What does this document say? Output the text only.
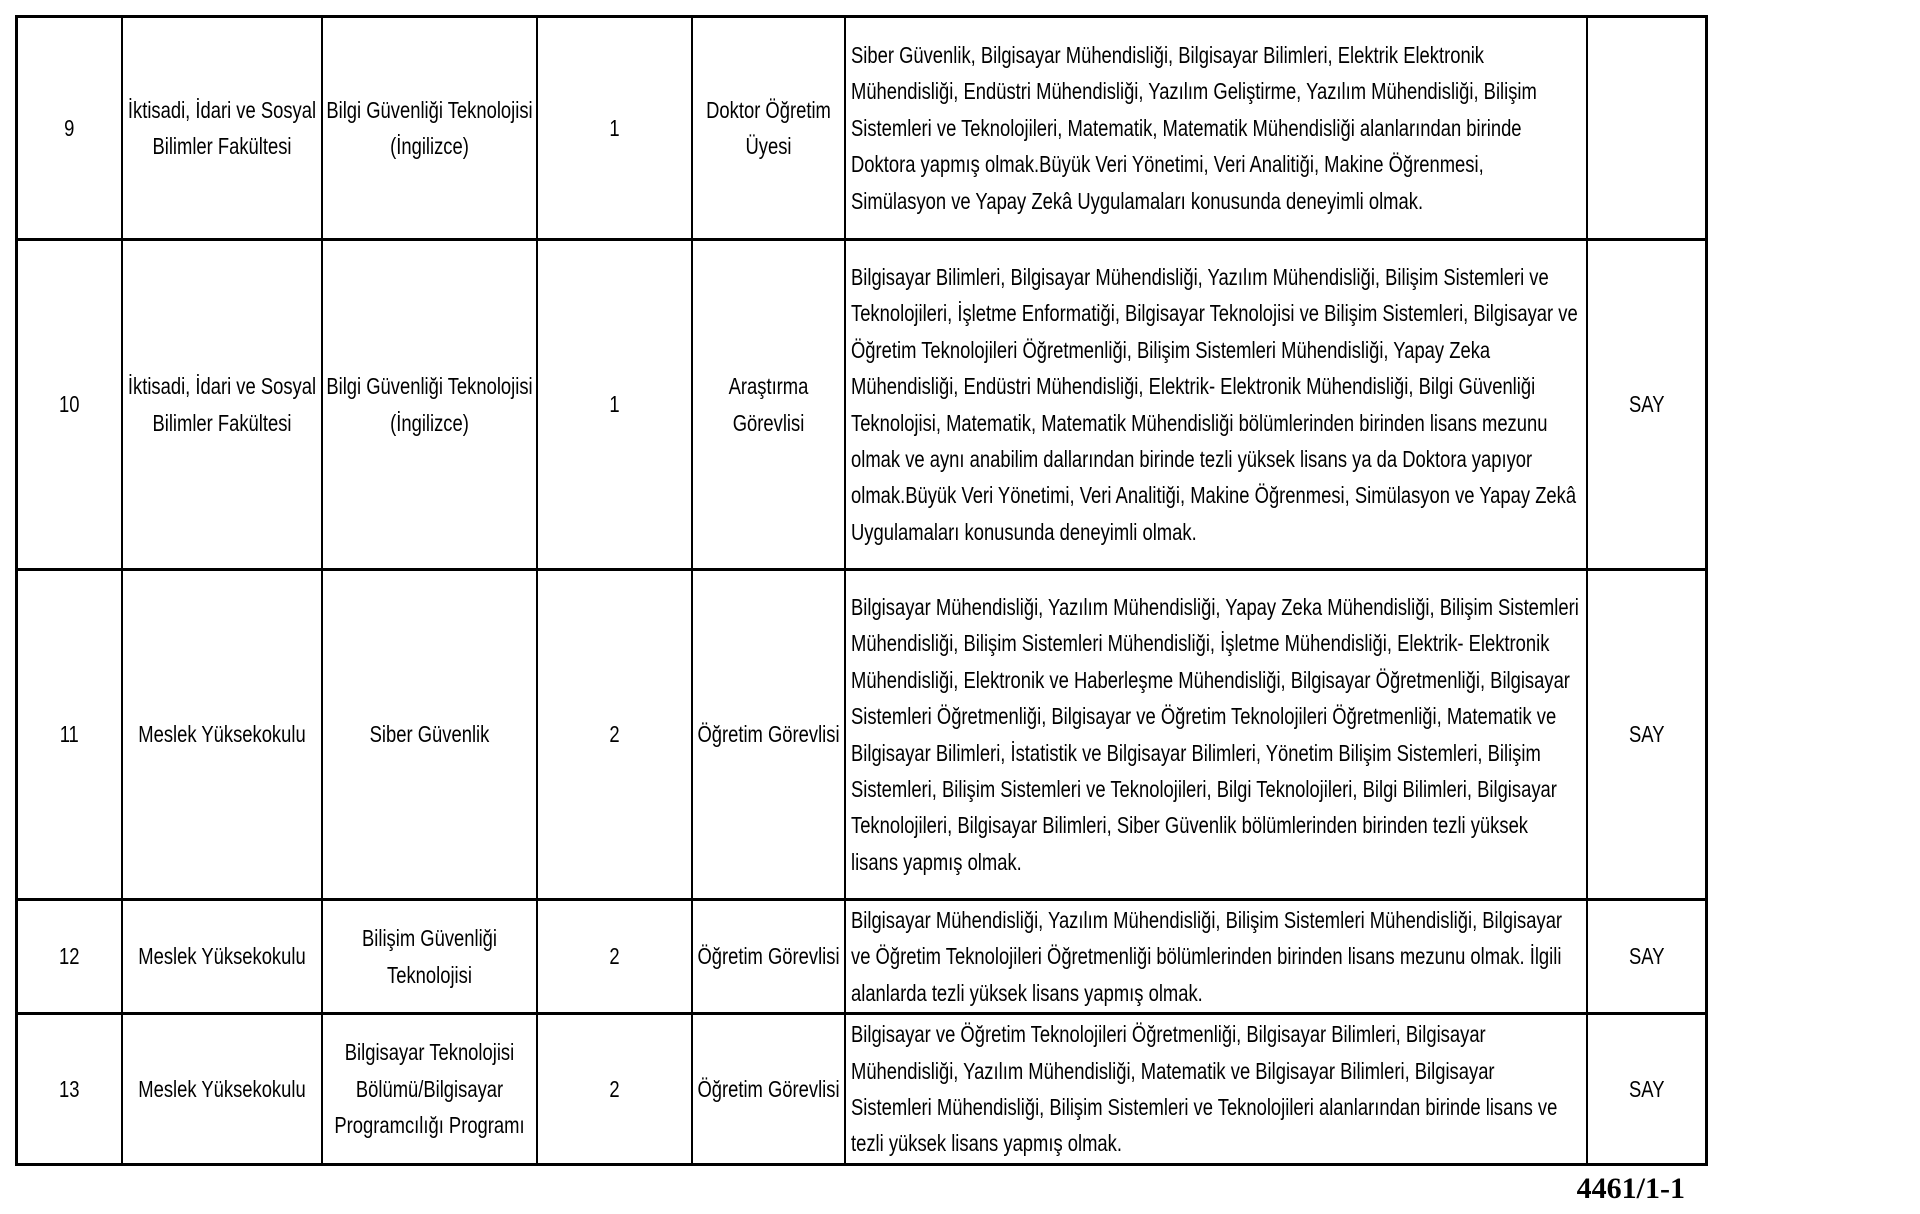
9	İktisadi, İdari ve Sosyal Bilimler Fakültesi	Bilgi Güvenliği Teknolojisi (İngilizce)	1	Doktor Öğretim Üyesi	Siber Güvenlik, Bilgisayar Mühendisliği, Bilgisayar Bilimleri, Elektrik Elektronik Mühendisliği, Endüstri Mühendisliği, Yazılım Geliştirme, Yazılım Mühendisliği, Bilişim Sistemleri ve Teknolojileri, Matematik, Matematik Mühendisliği alanlarından birinde Doktora yapmış olmak.Büyük Veri Yönetimi, Veri Analitiği, Makine Öğrenmesi, Simülasyon ve Yapay Zekâ Uygulamaları konusunda deneyimli olmak.	

10	İktisadi, İdari ve Sosyal Bilimler Fakültesi	Bilgi Güvenliği Teknolojisi (İngilizce)	1	Araştırma Görevlisi	Bilgisayar Bilimleri, Bilgisayar Mühendisliği, Yazılım Mühendisliği, Bilişim Sistemleri ve Teknolojileri, İşletme Enformatiği, Bilgisayar Teknolojisi ve Bilişim Sistemleri, Bilgisayar ve Öğretim Teknolojileri Öğretmenliği, Bilişim Sistemleri Mühendisliği, Yapay Zeka Mühendisliği, Endüstri Mühendisliği, Elektrik- Elektronik Mühendisliği, Bilgi Güvenliği Teknolojisi, Matematik, Matematik Mühendisliği bölümlerinden birinden lisans mezunu olmak ve aynı anabilim dallarından birinde tezli yüksek lisans ya da Doktora yapıyor olmak.Büyük Veri Yönetimi, Veri Analitiği, Makine Öğrenmesi, Simülasyon ve Yapay Zekâ Uygulamaları konusunda deneyimli olmak.	SAY

11	Meslek Yüksekokulu	Siber Güvenlik	2	Öğretim Görevlisi	Bilgisayar Mühendisliği, Yazılım Mühendisliği, Yapay Zeka Mühendisliği, Bilişim Sistemleri Mühendisliği, Bilişim Sistemleri Mühendisliği, İşletme Mühendisliği, Elektrik- Elektronik Mühendisliği, Elektronik ve Haberleşme Mühendisliği, Bilgisayar Öğretmenliği, Bilgisayar Sistemleri Öğretmenliği, Bilgisayar ve Öğretim Teknolojileri Öğretmenliği, Matematik ve Bilgisayar Bilimleri, İstatistik ve Bilgisayar Bilimleri, Yönetim Bilişim Sistemleri, Bilişim Sistemleri, Bilişim Sistemleri ve Teknolojileri, Bilgi Teknolojileri, Bilgi Bilimleri, Bilgisayar Teknolojileri, Bilgisayar Bilimleri, Siber Güvenlik bölümlerinden birinden tezli yüksek lisans yapmış olmak.	SAY

12	Meslek Yüksekokulu	Bilişim Güvenliği Teknolojisi	2	Öğretim Görevlisi	Bilgisayar Mühendisliği, Yazılım Mühendisliği, Bilişim Sistemleri Mühendisliği, Bilgisayar ve Öğretim Teknolojileri Öğretmenliği bölümlerinden birinden lisans mezunu olmak. İlgili alanlarda tezli yüksek lisans yapmış olmak.	SAY

13	Meslek Yüksekokulu	Bilgisayar Teknolojisi Bölümü/Bilgisayar Programcılığı Programı	2	Öğretim Görevlisi	Bilgisayar ve Öğretim Teknolojileri Öğretmenliği, Bilgisayar Bilimleri, Bilgisayar Mühendisliği, Yazılım Mühendisliği, Matematik ve Bilgisayar Bilimleri, Bilgisayar Sistemleri Mühendisliği, Bilişim Sistemleri ve Teknolojileri alanlarından birinde lisans ve tezli yüksek lisans yapmış olmak.	SAY
4461/1-1
